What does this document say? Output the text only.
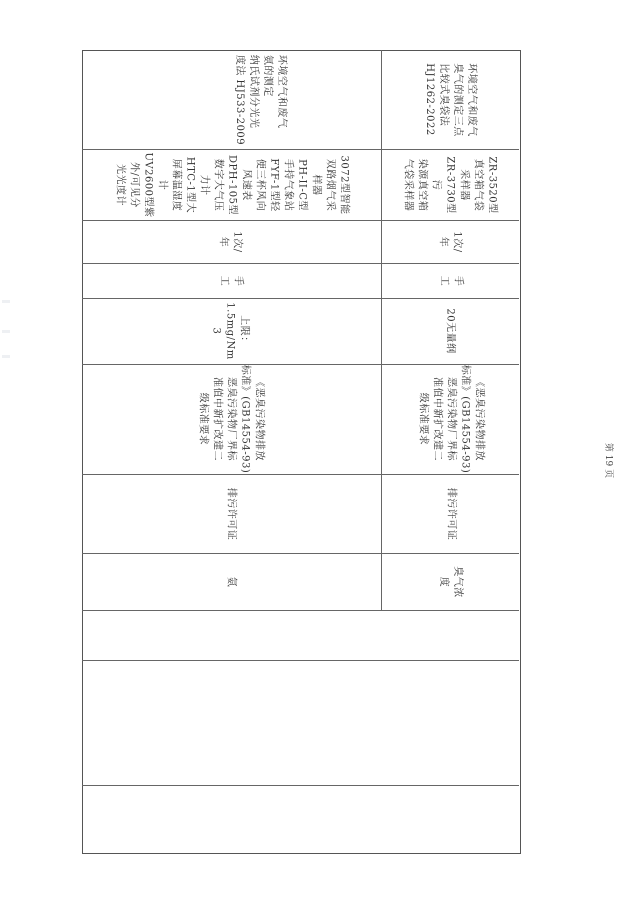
环境空气和废气
氨的测定
纳氏试剂分光光
度法 HJ533-2009
3072型智能
双路烟气采
样器
PH-II-C型
手持气象站
FYF-1型轻
便三杯风向
风速表
DPH-105型
数字大气压
力计
HTC-1型大
屏幕温湿度
计
UV2600型紫
外/可见分
光光度计
1次/
年
手
工
上限：
1.5mg/Nm
3
《恶臭污染物排放
标准》(GB14554-93)
恶臭污染物厂界标
准值中新扩改建二
级标准要求
排污许可证
氨
环境空气和废气
臭气的测定三点
比较式臭袋法
HJ1262-2022
ZR-3520型
真空箱气袋
采样器
ZR-3730型
污
染源真空箱
气袋采样器
1次/
年
手
工
20无量纲
《恶臭污染物排放
标准》(GB14554-93)
恶臭污染物厂界标
准值中新扩改建二
级标准要求
排污许可证
臭气浓
度
第 19 页
